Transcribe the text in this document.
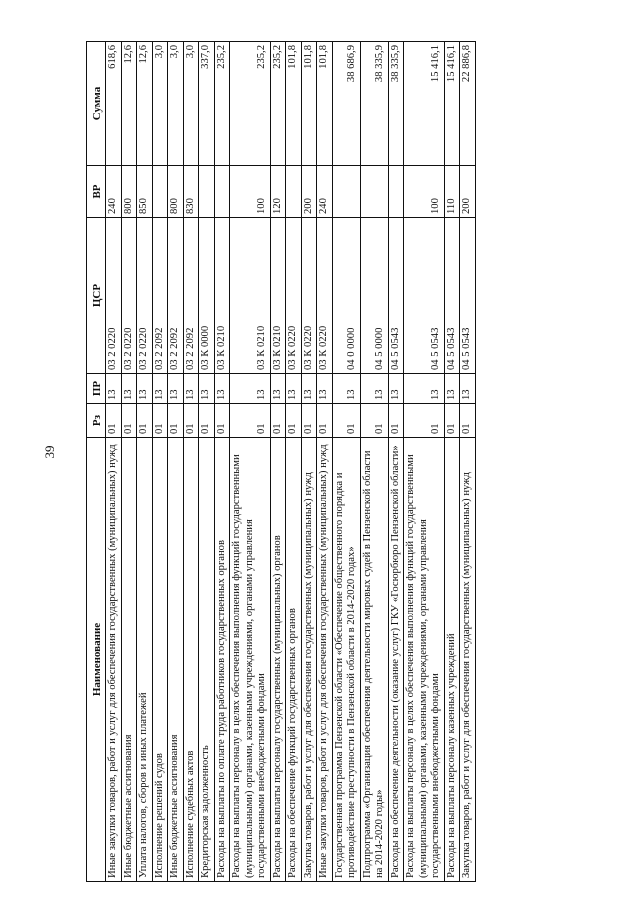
39
Наименование	Рз	ПР	ЦСР	ВР	Сумма
Иные закупки товаров, работ и услуг для обеспечения государственных (муниципальных) нужд	01	13	03 2 0220	240	618,6
Иные бюджетные ассигнования	01	13	03 2 0220	800	12,6
Уплата налогов, сборов и иных платежей	01	13	03 2 0220	850	12,6
Исполнение решений судов	01	13	03 2 2092		3,0
Иные бюджетные ассигнования	01	13	03 2 2092	800	3,0
Исполнение судебных актов	01	13	03 2 2092	830	3,0
Кредиторская задолженность	01	13	03 К 0000		337,0
Расходы на выплаты по оплате труда работников государственных органов	01	13	03 К 0210		235,2
Расходы на выплаты персоналу в целях обеспечения выполнения функций государственными (муниципальными) органами, казенными учреждениями, органами управления государственными внебюджетными фондами	01	13	03 К 0210	100	235,2
Расходы на выплаты персоналу государственных (муниципальных) органов	01	13	03 К 0210	120	235,2
Расходы на обеспечение функций государственных органов	01	13	03 К 0220		101,8
Закупка товаров, работ и услуг для обеспечения государственных (муниципальных) нужд	01	13	03 К 0220	200	101,8
Иные закупки товаров, работ и услуг для обеспечения государственных (муниципальных) нужд	01	13	03 К 0220	240	101,8
Государственная программа Пензенской области «Обеспечение общественного порядка и противодействие преступности в Пензенской области в 2014-2020 годах»	01	13	04 0 0000		38 686,9
Подпрограмма «Организация обеспечения деятельности мировых судей в Пензенской области на 2014-2020 годы»	01	13	04 5 0000		38 335,9
Расходы на обеспечение деятельности (оказание услуг) ГКУ «Госюрбюро Пензенской области»	01	13	04 5 0543		38 335,9
Расходы на выплаты персоналу в целях обеспечения выполнения функций государственными (муниципальными) органами, казенными учреждениями, органами управления государственными внебюджетными фондами	01	13	04 5 0543	100	15 416,1
Расходы на выплаты персоналу казенных учреждений	01	13	04 5 0543	110	15 416,1
Закупка товаров, работ и услуг для обеспечения государственных (муниципальных) нужд	01	13	04 5 0543	200	22 886,8
